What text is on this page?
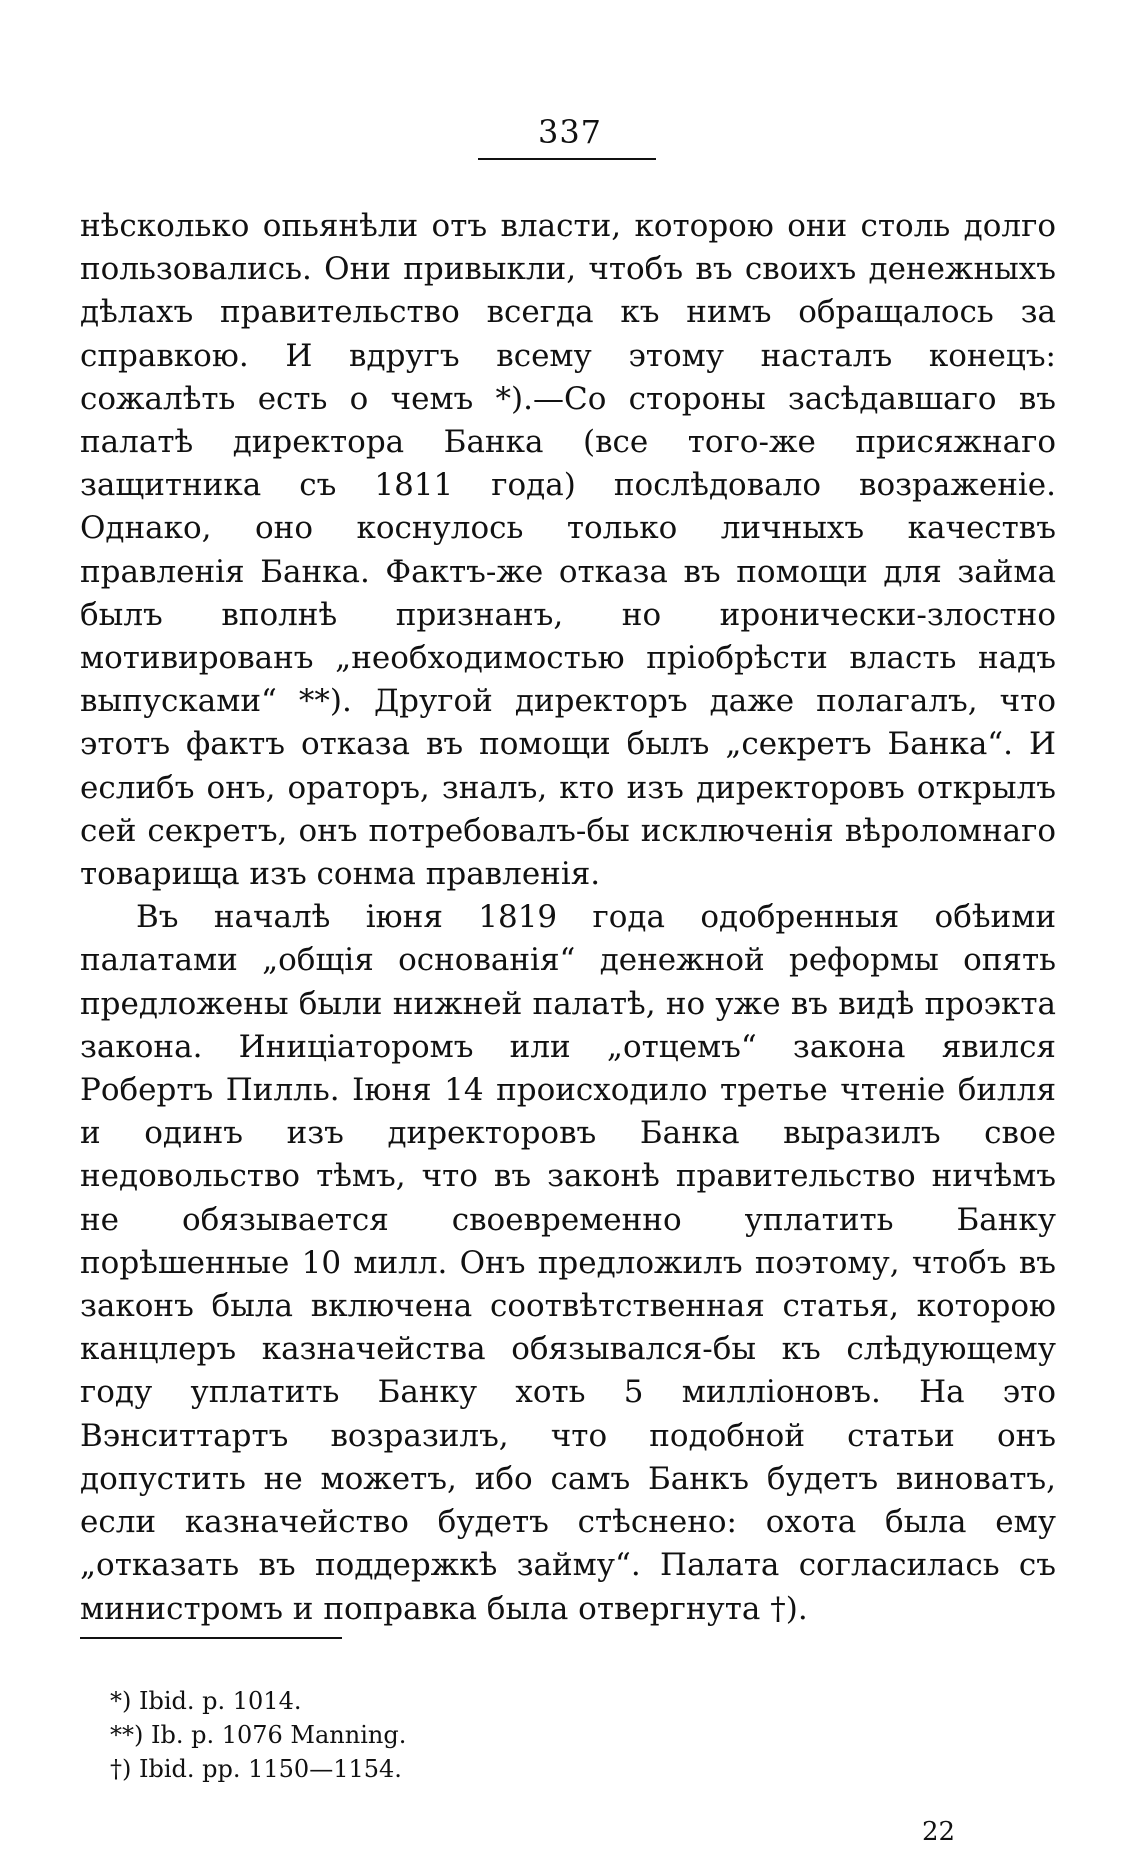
337

нѣсколько опьянѣли отъ власти, которою они столь долго пользовались. Они привыкли, чтобъ въ своихъ денежныхъ дѣлахъ правительство всегда къ нимъ обращалось за справкою. И вдругъ всему этому насталъ конецъ: сожалѣть есть о чемъ *).—Со стороны засѣдавшаго въ палатѣ директора Банка (все того-же присяжнаго защитника съ 1811 года) послѣдовало возраженіе. Однако, оно коснулось только личныхъ качествъ правленія Банка. Фактъ-же отказа въ помощи для займа былъ вполнѣ признанъ, но иронически-злостно мотивированъ „необходимостью пріобрѣсти власть надъ выпусками“ **). Другой директоръ даже полагалъ, что этотъ фактъ отказа въ помощи былъ „секретъ Банка“. И еслибъ онъ, ораторъ, зналъ, кто изъ директоровъ открылъ сей секретъ, онъ потребовалъ-бы исключенія вѣроломнаго товарища изъ сонма правленія.

Въ началѣ іюня 1819 года одобренныя обѣими палатами „общія основанія“ денежной реформы опять предложены были нижней палатѣ, но уже въ видѣ проэкта закона. Иниціаторомъ или „отцемъ“ закона явился Робертъ Пилль. Іюня 14 происходило третье чтеніе билля и одинъ изъ директоровъ Банка выразилъ свое недовольство тѣмъ, что въ законѣ правительство ничѣмъ не обязывается своевременно уплатить Банку порѣшенные 10 милл. Онъ предложилъ поэтому, чтобъ въ законъ была включена соотвѣтственная статья, которою канцлеръ казначейства обязывался-бы къ слѣдующему году уплатить Банку хоть 5 милліоновъ. На это Вэнситтартъ возразилъ, что подобной статьи онъ допустить не можетъ, ибо самъ Банкъ будетъ виноватъ, если казначейство будетъ стѣснено: охота была ему „отказать въ поддержкѣ займу“. Палата согласилась съ министромъ и поправка была отвергнута †).

*) Ibid. p. 1014.
**) Ib. p. 1076 Manning.
†) Ibid. pp. 1150—1154.
22
